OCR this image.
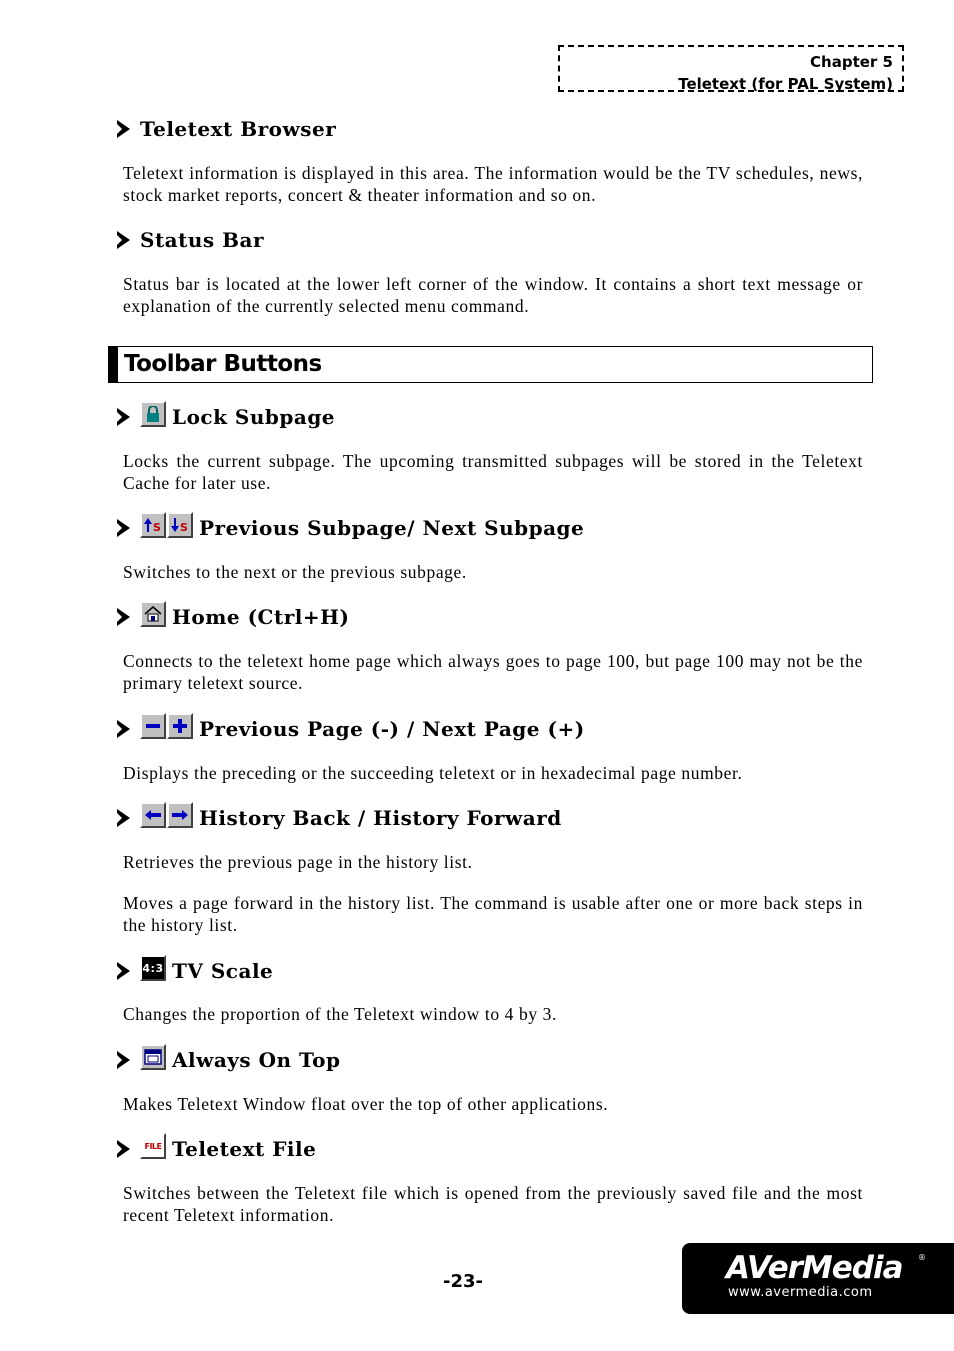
Chapter 5
Teletext (for PAL System)
Teletext Browser
Teletext information is displayed in this area. The information would be the TV schedules, news, stock market reports, concert & theater information and so on.
Status Bar
Status bar is located at the lower left corner of the window. It contains a short text message or explanation of the currently selected menu command.
Toolbar Buttons
Lock Subpage
Locks the current subpage. The upcoming transmitted subpages will be stored in the Teletext Cache for later use.
S S Previous Subpage/ Next Subpage
Switches to the next or the previous subpage.
Home (Ctrl+H)
Connects to the teletext home page which always goes to page 100, but page 100 may not be the primary teletext source.
Previous Page (-) / Next Page (+)
Displays the preceding or the succeeding teletext or in hexadecimal page number.
History Back / History Forward
Retrieves the previous page in the history list.
Moves a page forward in the history list. The command is usable after one or more back steps in the history list.
4:3 TV Scale
Changes the proportion of the Teletext window to 4 by 3.
Always On Top
Makes Teletext Window float over the top of other applications.
FILE Teletext File
Switches between the Teletext file which is opened from the previously saved file and the most recent Teletext information.
-23-	AVerMedia ®
www.avermedia.com
